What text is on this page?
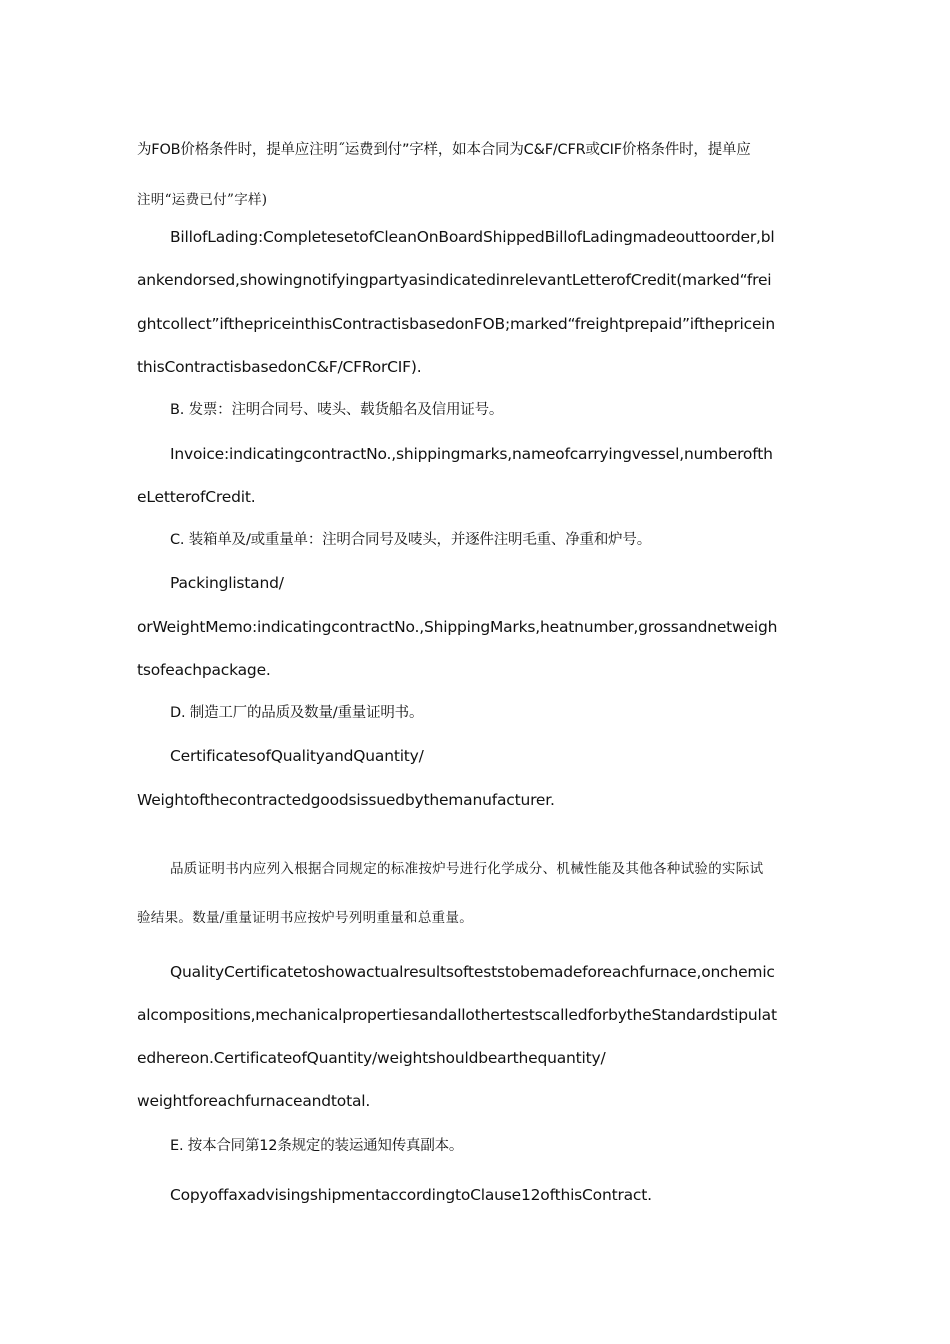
为FOB价格条件时，提单应注明˝运费到付”字样，如本合同为C&F/CFR或CIF价格条件时，提单应

注明“运费已付”字样)

BillofLading:CompletesetofCleanOnBoardShippedBillofLadingmadeouttoorder,bl

ankendorsed,showingnotifyingpartyasindicatedinrelevantLetterofCredit(marked“frei

ghtcollect”ifthepriceinthisContractisbasedonFOB;marked“freightprepaid”ifthepricein

thisContractisbasedonC&F/CFRorCIF).

B. 发票：注明合同号、唛头、载货船名及信用证号。

Invoice:indicatingcontractNo.,shippingmarks,nameofcarryingvessel,numberofth

eLetterofCredit.

C. 装箱单及/或重量单：注明合同号及唛头，并逐件注明毛重、净重和炉号。

Packinglistand/

orWeightMemo:indicatingcontractNo.,ShippingMarks,heatnumber,grossandnetweigh

tsofeachpackage.

D. 制造工厂的品质及数量/重量证明书。

CertificatesofQualityandQuantity/

Weightofthecontractedgoodsissuedbythemanufacturer.

品质证明书内应列入根据合同规定的标准按炉号进行化学成分、机械性能及其他各种试验的实际试

验结果。数量/重量证明书应按炉号列明重量和总重量。

QualityCertificatetoshowactualresultsofteststobemadeforeachfurnace,onchemic

alcompositions,mechanicalpropertiesandallothertestscalledforbytheStandardstipulat

edhereon.CertificateofQuantity/weightshouldbearthequantity/

weightforeachfurnaceandtotal.

E. 按本合同第12条规定的装运通知传真副本。

CopyoffaxadvisingshipmentaccordingtoClause12ofthisContract.
